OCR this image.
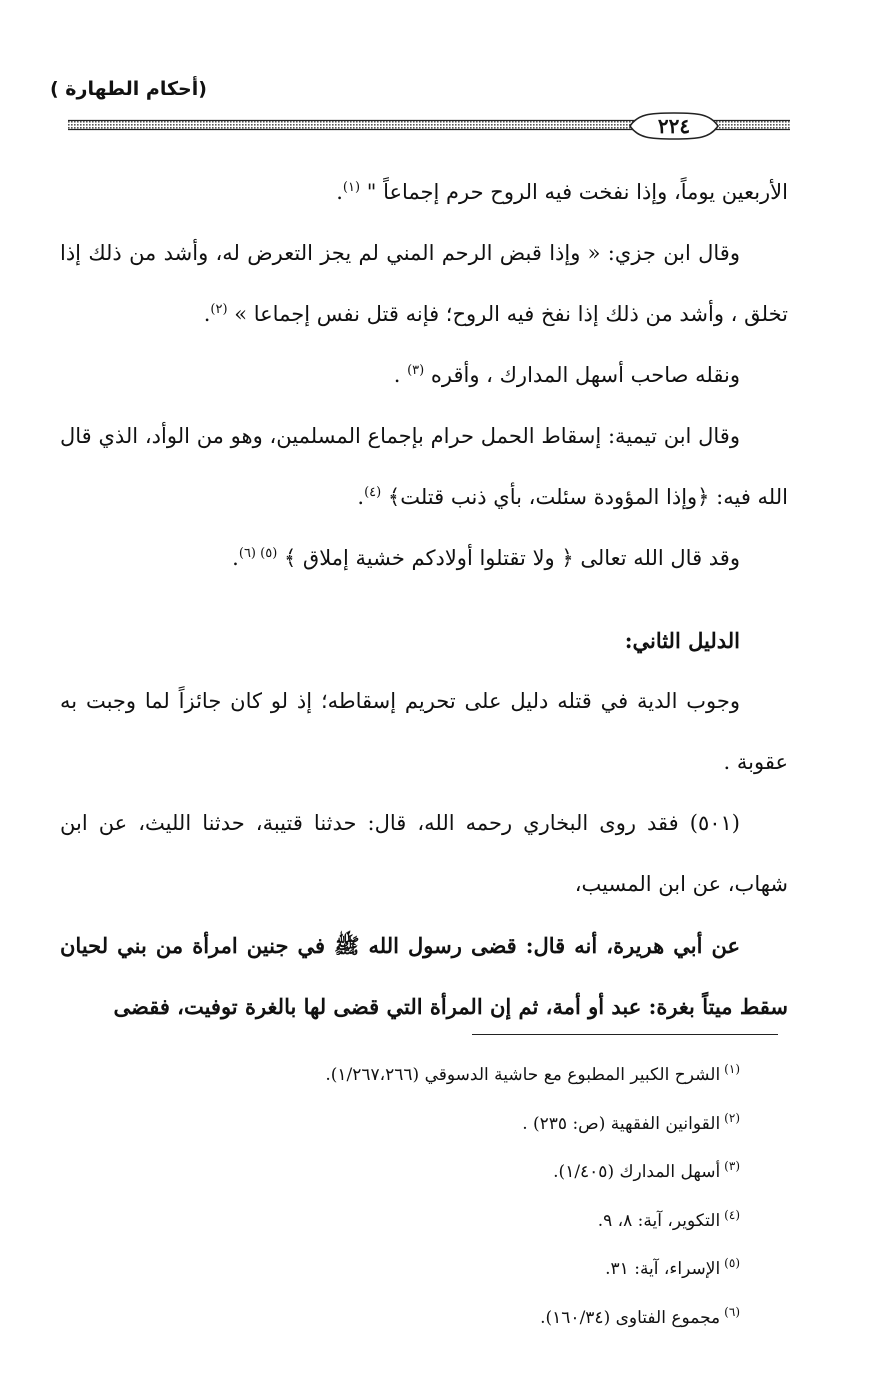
(أحكام الطهارة )
٢٢٤

الأربعين يوماً، وإذا نفخت فيه الروح حرم إجماعاً " $^{(١)}$.

وقال ابن جزي: « وإذا قبض الرحم المني لم يجز التعرض له، وأشد من ذلك إذا تخلق ، وأشد من ذلك إذا نفخ فيه الروح؛ فإنه قتل نفس إجماعا » $^{(٢)}$.

ونقله صاحب أسهل المدارك ، وأقره $^{(٣)}$ .

وقال ابن تيمية: إسقاط الحمل حرام بإجماع المسلمين، وهو من الوأد، الذي قال الله فيه: ﴿وإذا المؤودة سئلت، بأي ذنب قتلت﴾ $^{(٤)}$.

وقد قال الله تعالى ﴿ ولا تقتلوا أولادكم خشية إملاق ﴾ $^{(٥) (٦)}$.

الدليل الثاني:

وجوب الدية في قتله دليل على تحريم إسقاطه؛ إذ لو كان جائزاً لما وجبت به عقوبة .

(٥٠١) فقد روى البخاري رحمه الله، قال: حدثنا قتيبة، حدثنا الليث، عن ابن شهاب، عن ابن المسيب،

عن أبي هريرة، أنه قال: قضى رسول الله ﷺ في جنين امرأة من بني لحيان سقط ميتاً بغرة: عبد أو أمة، ثم إن المرأة التي قضى لها بالغرة توفيت، فقضى

$^{(١)}$الشرح الكبير المطبوع مع حاشية الدسوقي (١/٢٦٧،٢٦٦).

$^{(٢)}$القوانين الفقهية (ص: ٢٣٥) .

$^{(٣)}$أسهل المدارك (١/٤٠٥).

$^{(٤)}$التكوير، آية: ٨، ٩.

$^{(٥)}$الإسراء، آية: ٣١.

$^{(٦)}$مجموع الفتاوى (١٦٠/٣٤).
